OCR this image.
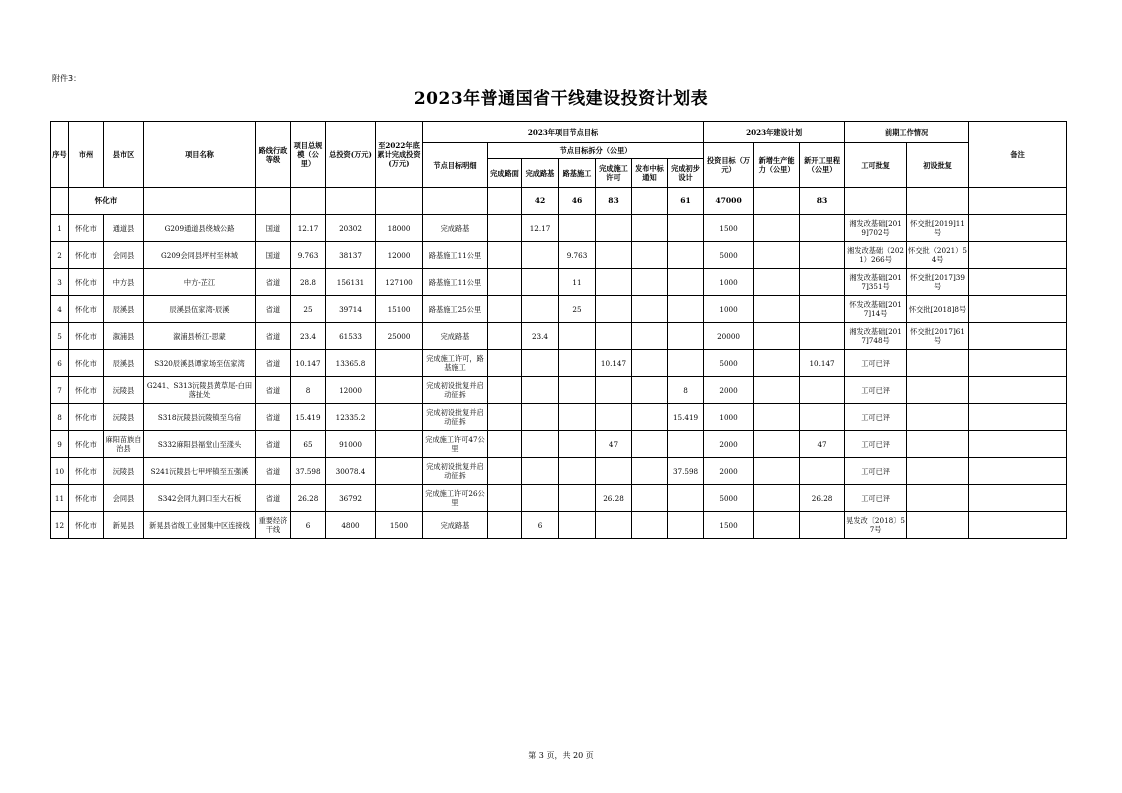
附件3：
2023年普通国省干线建设投资计划表
序号	市州	县市区	项目名称	路线行政等级	项目总规模（公里）	总投资(万元)	至2022年底累计完成投资(万元)	2023年项目节点目标							2023年建设计划			前期工作情况		备注
								节点目标明细	节点目标拆分（公里）						投资目标（万元）	新增生产能力（公里）	新开工里程（公里）	工可批复	初设批复	
									完成路面	完成路基	路基施工	完成施工许可	发布中标通知	完成初步设计						
	怀化市									42	46	83		61	47000		83			
1	怀化市	通道县	G209通道县绕城公路	国道	12.17	20302	18000	完成路基		12.17					1500			湘发改基础[2019]702号	怀交批[2019]11号	
2	怀化市	会同县	G209会同县坪村至林城	国道	9.763	38137	12000	路基施工11公里			9.763				5000			湘发改基础（2021）266号	怀交批（2021）54号	
3	怀化市	中方县	中方-芷江	省道	28.8	156131	127100	路基施工11公里			11				1000			湘发改基础[2017]351号	怀交批[2017]39号	
4	怀化市	辰溪县	辰溪县伍家湾-辰溪	省道	25	39714	15100	路基施工25公里			25				1000			怀发改基础[2017]14号	怀交批[2018]8号	
5	怀化市	溆浦县	溆浦县桥江-思蒙	省道	23.4	61533	25000	完成路基		23.4					20000			湘发改基础[2017]748号	怀交批[2017]61号	
6	怀化市	辰溪县	S320辰溪县谭家场至伍家湾	省道	10.147	13365.8		完成施工许可，路基施工				10.147			5000		10.147	工可已评		
7	怀化市	沅陵县	G241、S313沅陵县黄草尾-白田落扯处	省道	8	12000		完成初设批复并启动征拆						8	2000			工可已评		
8	怀化市	沅陵县	S318沅陵县沅陵镇至乌宿	省道	15.419	12335.2		完成初设批复并启动征拆						15.419	1000			工可已评		
9	怀化市	麻阳苗族自治县	S332麻阳县福堂山至漾头	省道	65	91000		完成施工许可47公里				47			2000		47	工可已评		
10	怀化市	沅陵县	S241沅陵县七甲坪镇至五强溪	省道	37.598	30078.4		完成初设批复并启动征拆						37.598	2000			工可已评		
11	怀化市	会同县	S342会同九洞口至大石板	省道	26.28	36792		完成施工许可26公里				26.28			5000		26.28	工可已评		
12	怀化市	新晃县	新晃县省级工业园集中区连接线	重要经济干线	6	4800	1500	完成路基		6					1500			晃发改〔2018〕57号		
第 3 页，共 20 页
